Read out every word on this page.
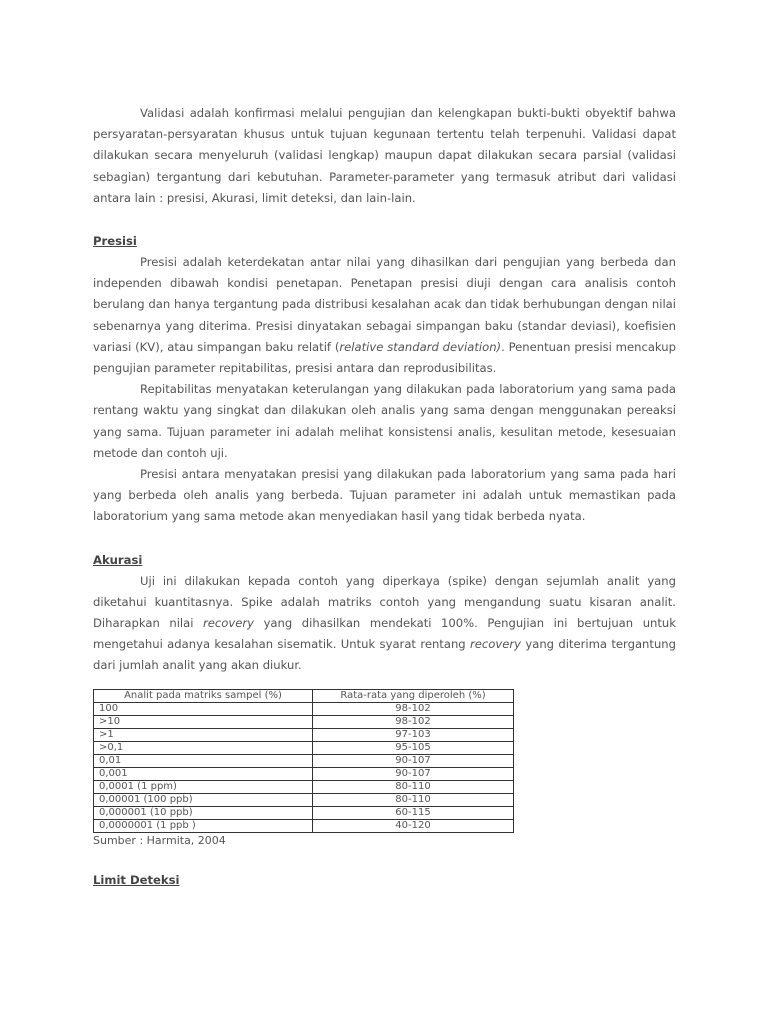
Validasi adalah konfirmasi melalui pengujian dan kelengkapan bukti-bukti obyektif bahwa persyaratan-persyaratan khusus untuk tujuan kegunaan tertentu telah terpenuhi. Validasi dapat dilakukan secara menyeluruh (validasi lengkap) maupun dapat dilakukan secara parsial (validasi sebagian) tergantung dari kebutuhan. Parameter-parameter yang termasuk atribut dari validasi antara lain : presisi, Akurasi, limit deteksi, dan lain-lain.

Presisi

Presisi adalah keterdekatan antar nilai yang dihasilkan dari pengujian yang berbeda dan independen dibawah kondisi penetapan. Penetapan presisi diuji dengan cara analisis contoh berulang dan hanya tergantung pada distribusi kesalahan acak dan tidak berhubungan dengan nilai sebenarnya yang diterima. Presisi dinyatakan sebagai simpangan baku (standar deviasi), koefisien variasi (KV), atau simpangan baku relatif (relative standard deviation). Penentuan presisi mencakup pengujian parameter repitabilitas, presisi antara dan reprodusibilitas.

Repitabilitas menyatakan keterulangan yang dilakukan pada laboratorium yang sama pada rentang waktu yang singkat dan dilakukan oleh analis yang sama dengan menggunakan pereaksi yang sama. Tujuan parameter ini adalah melihat konsistensi analis, kesulitan metode, kesesuaian metode dan contoh uji.

Presisi antara menyatakan presisi yang dilakukan pada laboratorium yang sama pada hari yang berbeda oleh analis yang berbeda. Tujuan parameter ini adalah untuk memastikan pada laboratorium yang sama metode akan menyediakan hasil yang tidak berbeda nyata.

Akurasi

Uji ini dilakukan kepada contoh yang diperkaya (spike) dengan sejumlah analit yang diketahui kuantitasnya. Spike adalah matriks contoh yang mengandung suatu kisaran analit. Diharapkan nilai recovery yang dihasilkan mendekati 100%. Pengujian ini bertujuan untuk mengetahui adanya kesalahan sisematik. Untuk syarat rentang recovery yang diterima tergantung dari jumlah analit yang akan diukur.

Analit pada matriks sampel (%)	Rata-rata yang diperoleh (%)
100	98-102
>10	98-102
>1	97-103
>0,1	95-105
0,01	90-107
0,001	90-107
0,0001 (1 ppm)	80-110
0,00001 (100 ppb)	80-110
0,000001 (10 ppb)	60-115
0,0000001 (1 ppb )	40-120
Sumber : Harmita, 2004
Limit Deteksi
